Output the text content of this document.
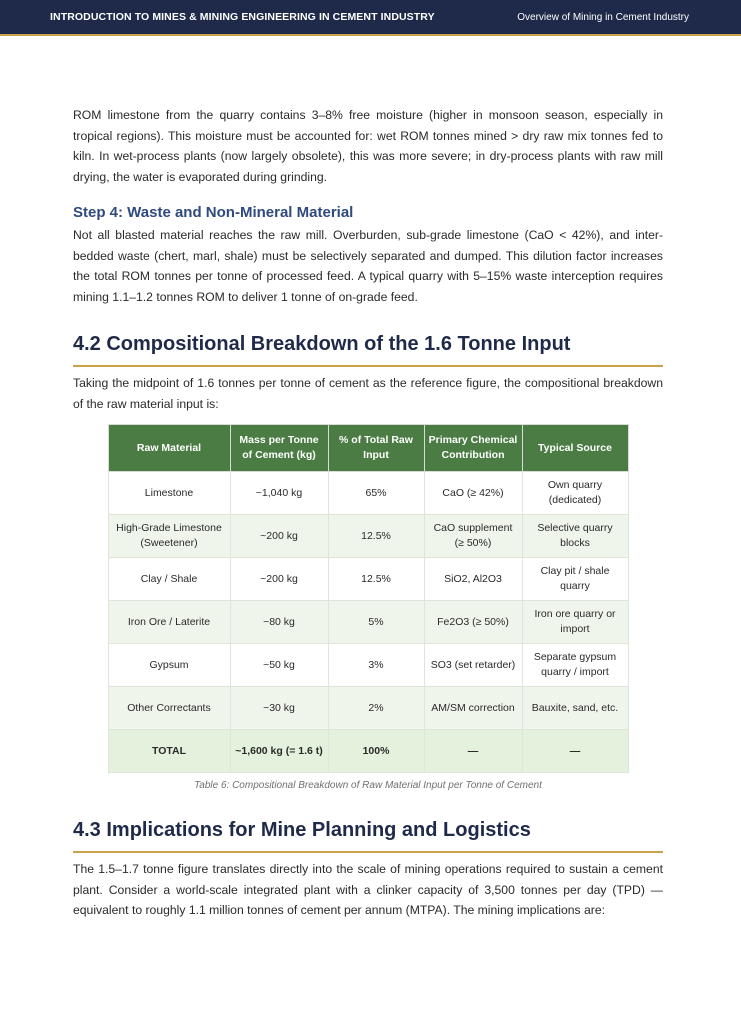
INTRODUCTION TO MINES & MINING ENGINEERING IN CEMENT INDUSTRY	Overview of Mining in Cement Industry

ROM limestone from the quarry contains 3–8% free moisture (higher in monsoon season, especially in tropical regions). This moisture must be accounted for: wet ROM tonnes mined > dry raw mix tonnes fed to kiln. In wet-process plants (now largely obsolete), this was more severe; in dry-process plants with raw mill drying, the water is evaporated during grinding.

Step 4: Waste and Non-Mineral Material

Not all blasted material reaches the raw mill. Overburden, sub-grade limestone (CaO < 42%), and inter-bedded waste (chert, marl, shale) must be selectively separated and dumped. This dilution factor increases the total ROM tonnes per tonne of processed feed. A typical quarry with 5–15% waste interception requires mining 1.1–1.2 tonnes ROM to deliver 1 tonne of on-grade feed.

4.2 Compositional Breakdown of the 1.6 Tonne Input

Taking the midpoint of 1.6 tonnes per tonne of cement as the reference figure, the compositional breakdown of the raw material input is:

Raw Material	Mass per Tonne of Cement (kg)	% of Total Raw Input	Primary Chemical Contribution	Typical Source
Limestone	~1,040 kg	65%	CaO (≥ 42%)	Own quarry (dedicated)
High-Grade Limestone (Sweetener)	~200 kg	12.5%	CaO supplement (≥ 50%)	Selective quarry blocks
Clay / Shale	~200 kg	12.5%	SiO2, Al2O3	Clay pit / shale quarry
Iron Ore / Laterite	~80 kg	5%	Fe2O3 (≥ 50%)	Iron ore quarry or import
Gypsum	~50 kg	3%	SO3 (set retarder)	Separate gypsum quarry / import
Other Correctants	~30 kg	2%	AM/SM correction	Bauxite, sand, etc.
TOTAL	~1,600 kg (= 1.6 t)	100%	—	—
Table 6: Compositional Breakdown of Raw Material Input per Tonne of Cement
4.3 Implications for Mine Planning and Logistics

The 1.5–1.7 tonne figure translates directly into the scale of mining operations required to sustain a cement plant. Consider a world-scale integrated plant with a clinker capacity of 3,500 tonnes per day (TPD) — equivalent to roughly 1.1 million tonnes of cement per annum (MTPA). The mining implications are:
